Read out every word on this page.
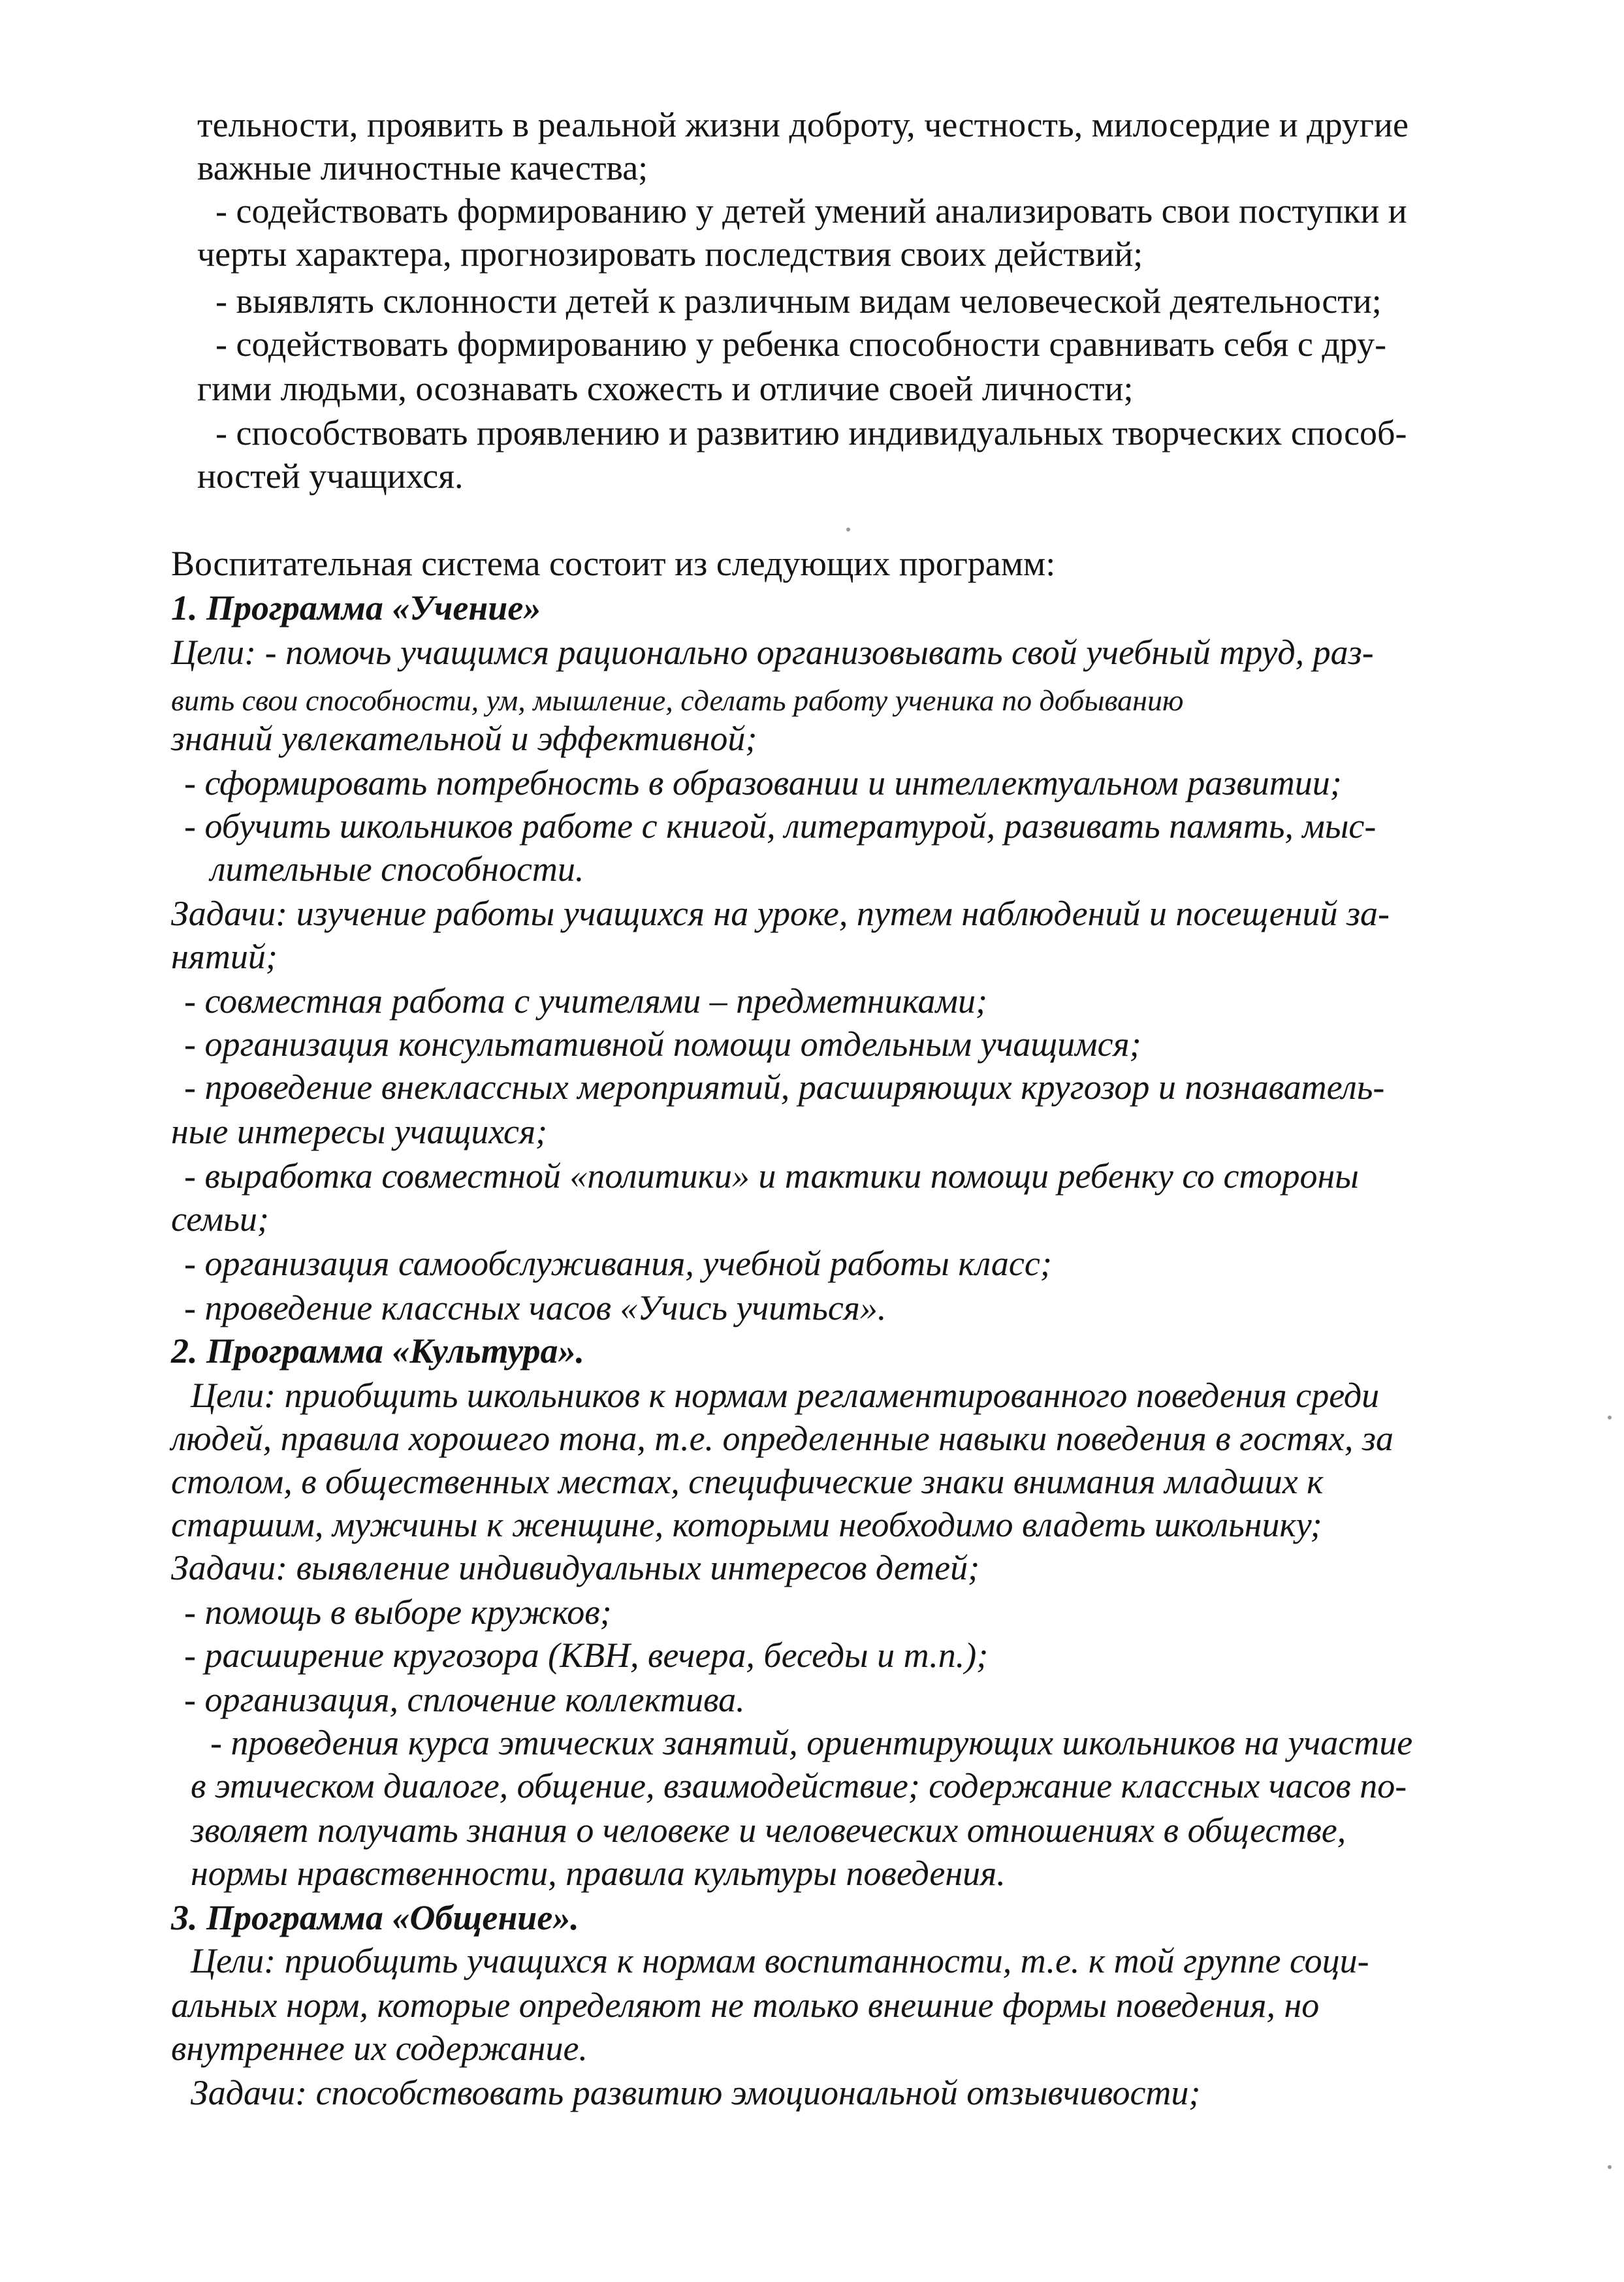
тельности, проявить в реальной жизни доброту, честность, милосердие и другие
важные личностные качества;
- содействовать формированию у детей умений анализировать свои поступки и
черты характера, прогнозировать последствия своих действий;
- выявлять склонности детей к различным видам человеческой деятельности;
- содействовать формированию у ребенка способности сравнивать себя с дру-
гими людьми, осознавать схожесть и отличие своей личности;
- способствовать проявлению и развитию индивидуальных творческих способ-
ностей учащихся.
Воспитательная система состоит из следующих программ:
1. Программа «Учение»
Цели: - помочь учащимся рационально организовывать свой учебный труд, раз-
вить свои способности, ум, мышление, сделать работу ученика по добыванию
знаний увлекательной и эффективной;
- сформировать потребность в образовании и интеллектуальном развитии;
- обучить школьников работе с книгой, литературой, развивать память, мыс-
лительные способности.
Задачи: изучение работы учащихся на уроке, путем наблюдений и посещений за-
нятий;
- совместная работа с учителями – предметниками;
- организация консультативной помощи отдельным учащимся;
- проведение внеклассных мероприятий, расширяющих кругозор и познаватель-
ные интересы учащихся;
- выработка совместной «политики» и тактики помощи ребенку со стороны
семьи;
- организация самообслуживания, учебной работы класс;
- проведение классных часов «Учись учиться».
2. Программа «Культура».
Цели: приобщить школьников к нормам регламентированного поведения среди
людей, правила хорошего тона, т.е. определенные навыки поведения в гостях, за
столом, в общественных местах, специфические знаки внимания младших к
старшим, мужчины к женщине, которыми необходимо владеть школьнику;
Задачи: выявление индивидуальных интересов детей;
- помощь в выборе кружков;
- расширение кругозора (КВН, вечера, беседы и т.п.);
- организация, сплочение коллектива.
- проведения курса этических занятий, ориентирующих школьников на участие
в этическом диалоге, общение, взаимодействие; содержание классных часов по-
зволяет получать знания о человеке и человеческих отношениях в обществе,
нормы нравственности, правила культуры поведения.
3. Программа «Общение».
Цели: приобщить учащихся к нормам воспитанности, т.е. к той группе соци-
альных норм, которые определяют не только внешние формы поведения, но
внутреннее их содержание.
Задачи: способствовать развитию эмоциональной отзывчивости;
